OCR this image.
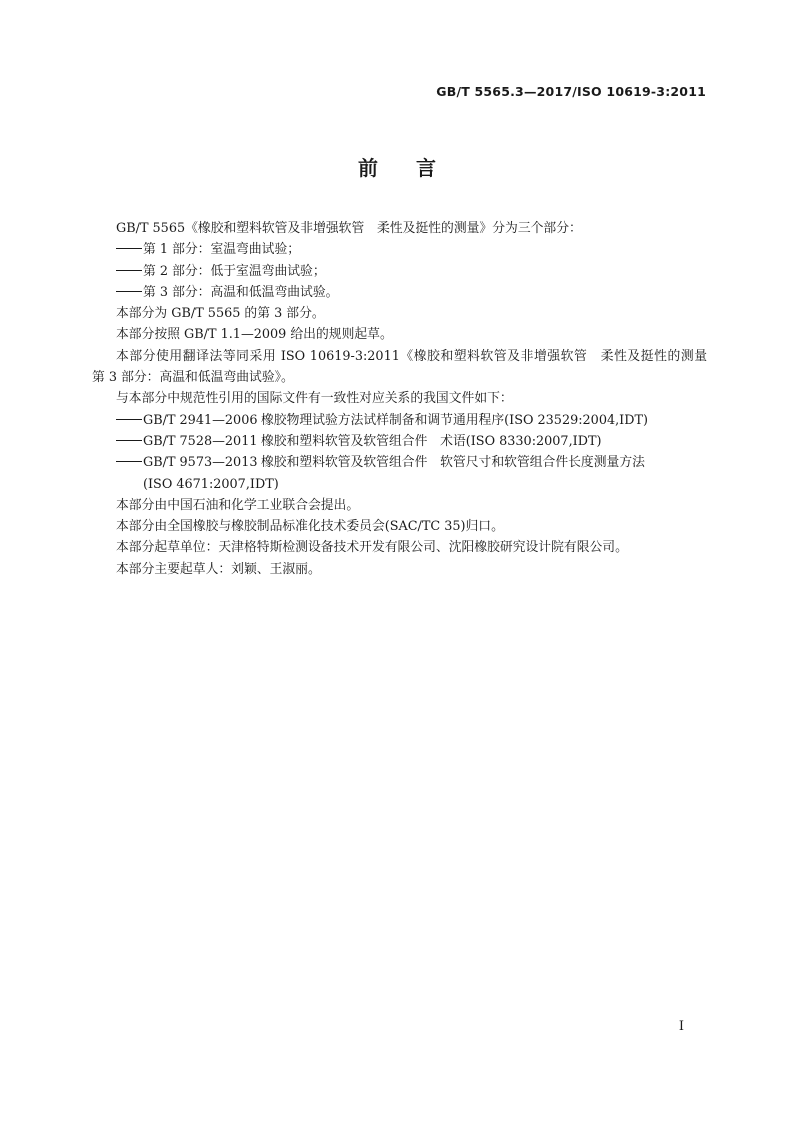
GB/T 5565.3—2017/ISO 10619-3:2011
前言

GB/T 5565《橡胶和塑料软管及非增强软管　柔性及挺性的测量》分为三个部分：

第 1 部分：室温弯曲试验；

第 2 部分：低于室温弯曲试验；

第 3 部分：高温和低温弯曲试验。

本部分为 GB/T 5565 的第 3 部分。

本部分按照 GB/T 1.1—2009 给出的规则起草。

本部分使用翻译法等同采用 ISO 10619-3:2011《橡胶和塑料软管及非增强软管　柔性及挺性的测量　第 3 部分：高温和低温弯曲试验》。

与本部分中规范性引用的国际文件有一致性对应关系的我国文件如下：

GB/T 2941—2006 橡胶物理试验方法试样制备和调节通用程序(ISO 23529:2004,IDT)

GB/T 7528—2011 橡胶和塑料软管及软管组合件　术语(ISO 8330:2007,IDT)

GB/T 9573—2013 橡胶和塑料软管及软管组合件　软管尺寸和软管组合件长度测量方法

(ISO 4671:2007,IDT)

本部分由中国石油和化学工业联合会提出。

本部分由全国橡胶与橡胶制品标准化技术委员会(SAC/TC 35)归口。

本部分起草单位：天津格特斯检测设备技术开发有限公司、沈阳橡胶研究设计院有限公司。

本部分主要起草人：刘颖、王淑丽。

I
